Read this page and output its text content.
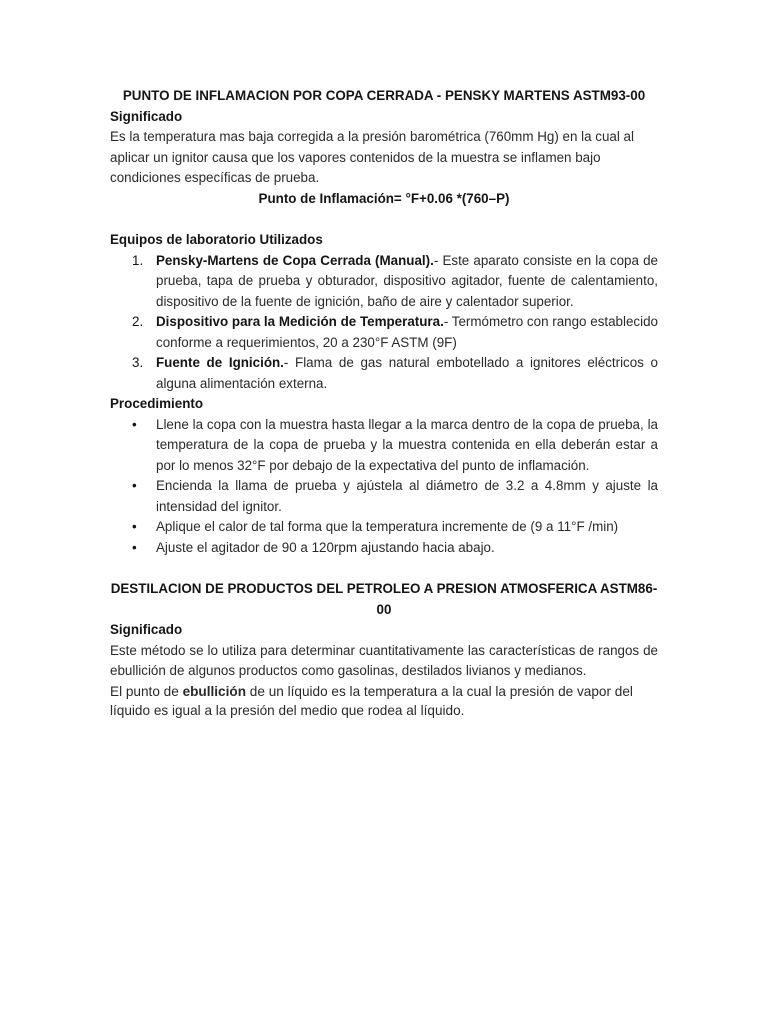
PUNTO DE INFLAMACION POR COPA CERRADA - PENSKY MARTENS ASTM93-00

Significado

Es la temperatura mas baja corregida a la presión barométrica (760mm Hg) en la cual al aplicar un ignitor causa que los vapores contenidos de la muestra se inflamen bajo condiciones específicas de prueba.

Punto de Inflamación= °F+0.06 *(760–P)

Equipos de laboratorio Utilizados

1. Pensky-Martens de Copa Cerrada (Manual).- Este aparato consiste en la copa de prueba, tapa de prueba y obturador, dispositivo agitador, fuente de calentamiento, dispositivo de la fuente de ignición, baño de aire y calentador superior.
2. Dispositivo para la Medición de Temperatura.- Termómetro con rango establecido conforme a requerimientos, 20 a 230°F ASTM (9F)
3. Fuente de Ignición.- Flama de gas natural embotellado a ignitores eléctricos o alguna alimentación externa.

Procedimiento

• Llene la copa con la muestra hasta llegar a la marca dentro de la copa de prueba, la temperatura de la copa de prueba y la muestra contenida en ella deberán estar a por lo menos 32°F por debajo de la expectativa del punto de inflamación.
• Encienda la llama de prueba y ajústela al diámetro de 3.2 a 4.8mm y ajuste la intensidad del ignitor.
• Aplique el calor de tal forma que la temperatura incremente de (9 a 11°F /min)
• Ajuste el agitador de 90 a 120rpm ajustando hacia abajo.

DESTILACION DE PRODUCTOS DEL PETROLEO A PRESION ATMOSFERICA ASTM86-00

Significado

Este método se lo utiliza para determinar cuantitativamente las características de rangos de ebullición de algunos productos como gasolinas, destilados livianos y medianos.

El punto de ebullición de un líquido es la temperatura a la cual la presión de vapor del líquido es igual a la presión del medio que rodea al líquido.
